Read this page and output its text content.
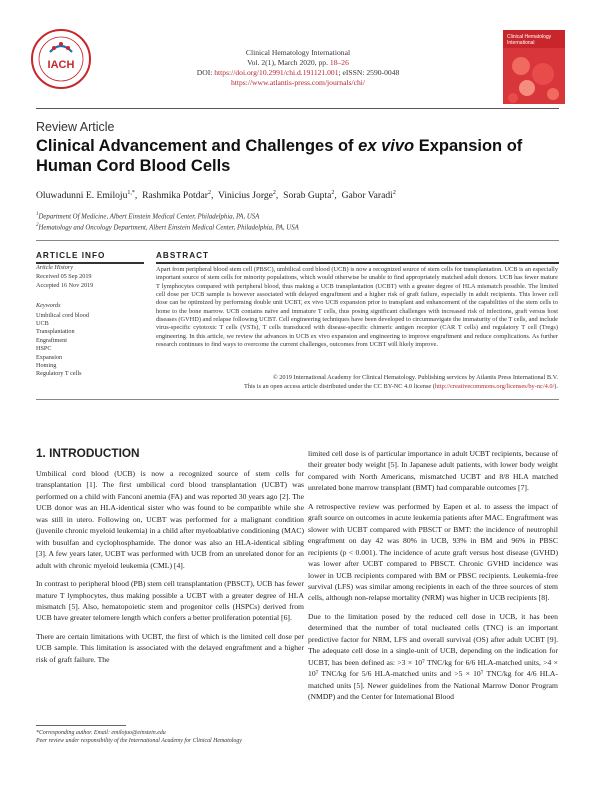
IACH
Clinical Hematology International
Vol. 2(1), March 2020, pp. 18–26
DOI: https://doi.org/10.2991/chi.d.191121.001; eISSN: 2590-0048
https://www.atlantis-press.com/journals/chi/
Clinical Hematology International
Review Article
Clinical Advancement and Challenges of ex vivo Expansion of Human Cord Blood Cells
Oluwadunni E. Emiloju$^{1,*}$,  Rashmika Potdar$^2$,  Vinicius Jorge$^2$,  Sorab Gupta$^2$,  Gabor Varadi$^2$
$^1$Department Of Medicine, Albert Einstein Medical Center, Philadelphia, PA, USA
$^2$Hematology and Oncology Department, Albert Einstein Medical Center, Philadelphia, PA, USA
ARTICLE INFO	ABSTRACT
Article History
Received 05 Sep 2019
Accepted 16 Nov 2019
Keywords
Umbilical cord blood
UCB
Transplantation
Engraftment
HSPC
Expansion
Homing
Regulatory T cells
Apart from peripheral blood stem cell (PBSC), umbilical cord blood (UCB) is now a recognized source of stem cells for transplantation. UCB is an especially important source of stem cells for minority populations, which would otherwise be unable to find appropriately matched adult donors. UCB has fewer mature T lymphocytes compared with peripheral blood, thus making a UCB transplantation (UCBT) with a greater degree of HLA mismatch possible. The limited cell dose per UCB sample is however associated with delayed engraftment and a higher risk of graft failure, especially in adult recipients. This lower cell dose can be optimized by performing double unit UCBT, ex vivo UCB expansion prior to transplant and enhancement of the capabilities of the stem cells to home to the bone marrow. UCB contains naïve and immature T cells, thus posing significant challenges with increased risk of infections, graft versus host diseases (GVHD) and relapse following UCBT. Cell engineering techniques have been developed to circumnavigate the immaturity of the T cells, and include virus-specific cytotoxic T cells (VSTs), T cells transduced with disease-specific chimeric antigen receptor (CAR T cells) and regulatory T cell (Tregs) engineering. In this article, we review the advances in UCB ex vivo expansion and engineering to improve engraftment and reduce complications. As further research continues to find ways to overcome the current challenges, outcomes from UCBT will likely improve.
© 2019 International Academy for Clinical Hematology. Publishing services by Atlantis Press International B.V.
This is an open access article distributed under the CC BY-NC 4.0 license (http://creativecommons.org/licenses/by-nc/4.0/).
1. INTRODUCTION

Umbilical cord blood (UCB) is now a recognized source of stem cells for transplantation [1]. The first umbilical cord blood transplantation (UCBT) was performed on a child with Fanconi anemia (FA) and was reported 30 years ago [2]. The UCB donor was an HLA-identical sister who was found to be compatible while she was still in utero. Following on, UCBT was performed for a malignant condition (juvenile chronic myeloid leukemia) in a child after myeloablative conditioning (MAC) with busulfan and cyclophosphamide. The donor was also an HLA-identical sibling [3]. A few years later, UCBT was performed with UCB from an unrelated donor for an adult with chronic myeloid leukemia (CML) [4].

In contrast to peripheral blood (PB) stem cell transplantation (PBSCT), UCB has fewer mature T lymphocytes, thus making possible a UCBT with a greater degree of HLA mismatch [5]. Also, hematopoietic stem and progenitor cells (HSPCs) derived from UCB have greater telomere length which confers a better proliferation potential [6].

There are certain limitations with UCBT, the first of which is the limited cell dose per UCB sample. This limitation is associated with the delayed engraftment and a higher risk of graft failure. The

limited cell dose is of particular importance in adult UCBT recipients, because of their greater body weight [5]. In Japanese adult patients, with lower body weight compared with North Americans, mismatched UCBT and 8/8 HLA matched unrelated bone marrow transplant (BMT) had comparable outcomes [7].

A retrospective review was performed by Eapen et al. to assess the impact of graft source on outcomes in acute leukemia patients after MAC. Engraftment was slower with UCBT compared with PBSCT or BMT: the incidence of neutrophil engraftment on day 42 was 80% in UCB, 93% in BM and 96% in PBSC recipients (p < 0.001). The incidence of acute graft versus host disease (GVHD) was lower after UCBT compared to PBSCT. Chronic GVHD incidence was lower in UCB recipients compared with BM or PBSC recipients. Leukemia-free survival (LFS) was similar among recipients in each of the three sources of stem cells, although non-relapse mortality (NRM) was higher in UCB recipients [8].

Due to the limitation posed by the reduced cell dose in UCB, it has been determined that the number of total nucleated cells (TNC) is an important predictive factor for NRM, LFS and overall survival (OS) after adult UCBT [9]. The adequate cell dose in a single-unit of UCB, depending on the indication for UCBT, has been defined as: >3 × 10⁷ TNC/kg for 6/6 HLA-matched units, >4 × 10⁷ TNC/kg for 5/6 HLA-matched units and >5 × 10⁷ TNC/kg for 4/6 HLA-matched units [5]. Newer guidelines from the National Marrow Donor Program (NMDP) and the Center for International Blood

*Corresponding author. Email: emilojuo@einstein.edu
Peer review under responsibility of the International Academy for Clinical Hematology
